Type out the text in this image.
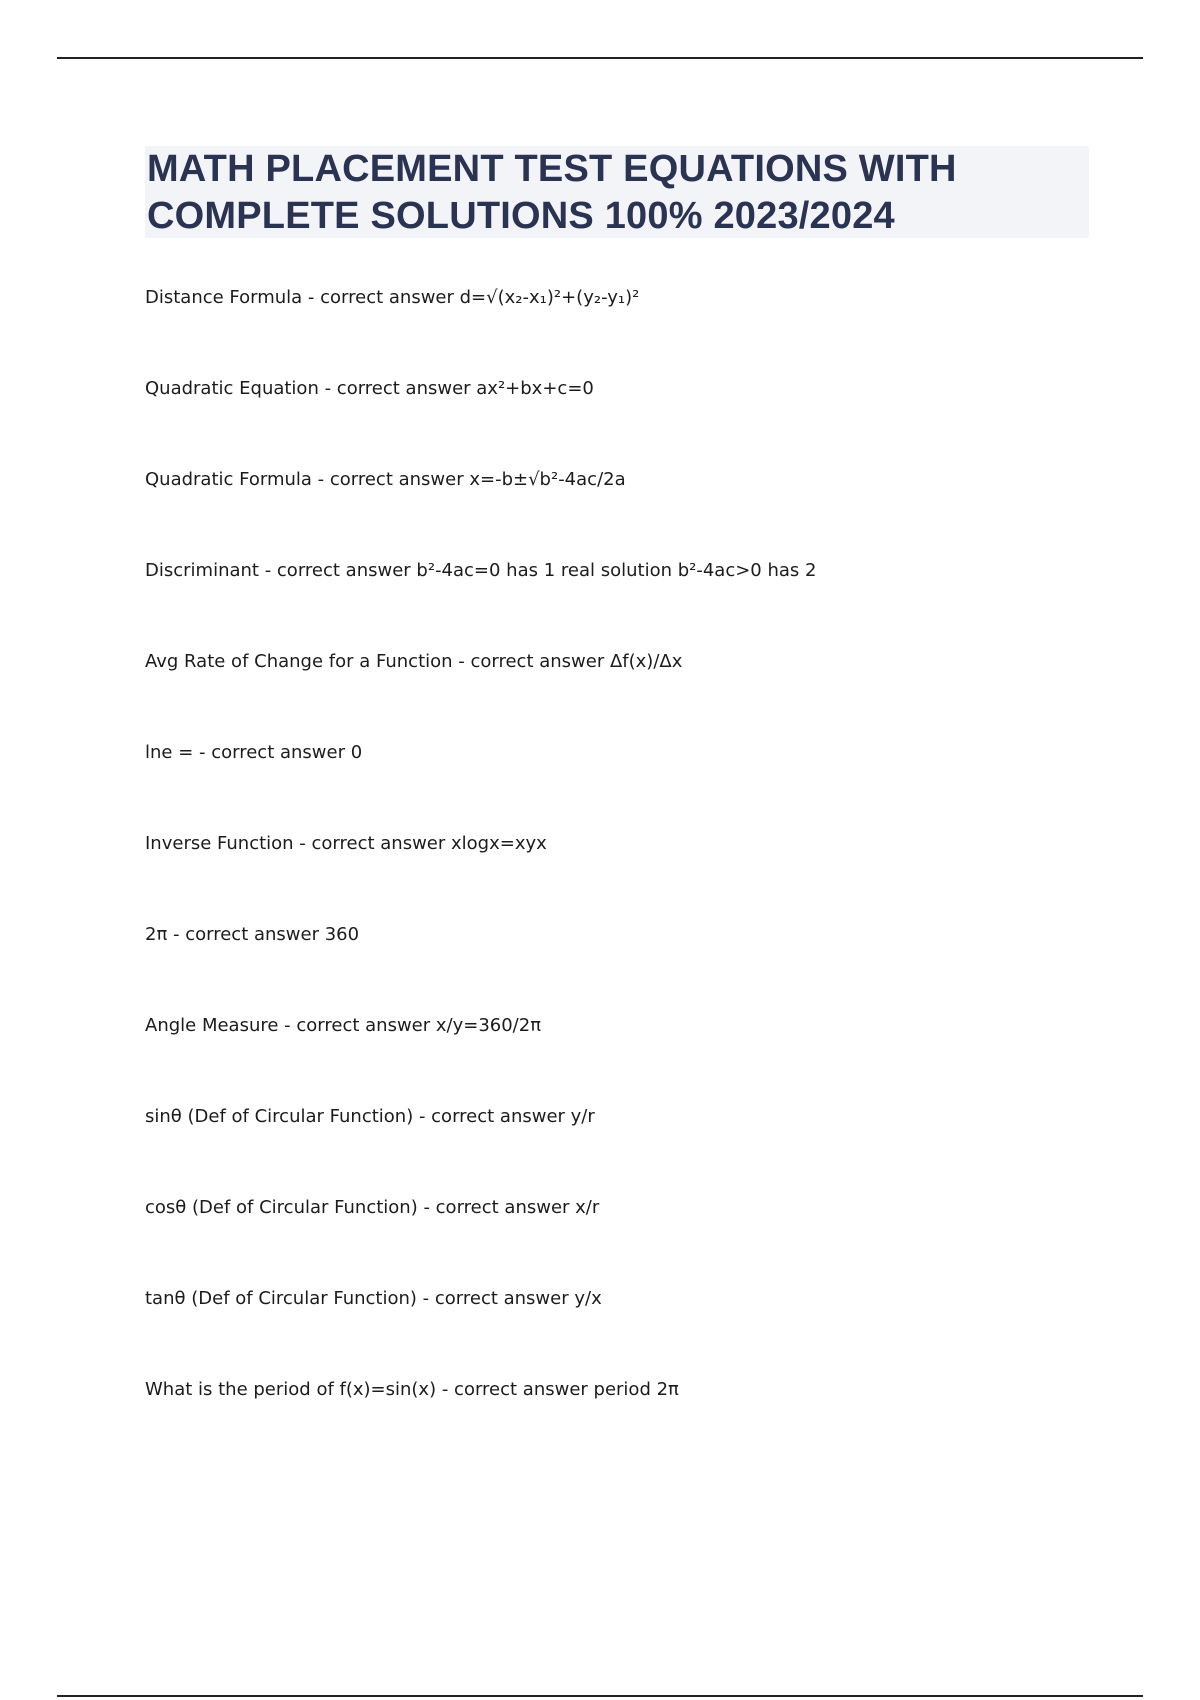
MATH PLACEMENT TEST EQUATIONS WITH
COMPLETE SOLUTIONS 100% 2023/2024
Distance Formula - correct answer d=√(x₂-x₁)²+(y₂-y₁)²
Quadratic Equation - correct answer ax²+bx+c=0
Quadratic Formula - correct answer x=-b±√b²-4ac/2a
Discriminant - correct answer b²-4ac=0 has 1 real solution b²-4ac>0 has 2
Avg Rate of Change for a Function - correct answer Δf(x)/Δx
lne = - correct answer 0
Inverse Function - correct answer xlogx=xyx
2π - correct answer 360
Angle Measure - correct answer x/y=360/2π
sinθ (Def of Circular Function) - correct answer y/r
cosθ (Def of Circular Function) - correct answer x/r
tanθ (Def of Circular Function) - correct answer y/x
What is the period of f(x)=sin(x) - correct answer period 2π
